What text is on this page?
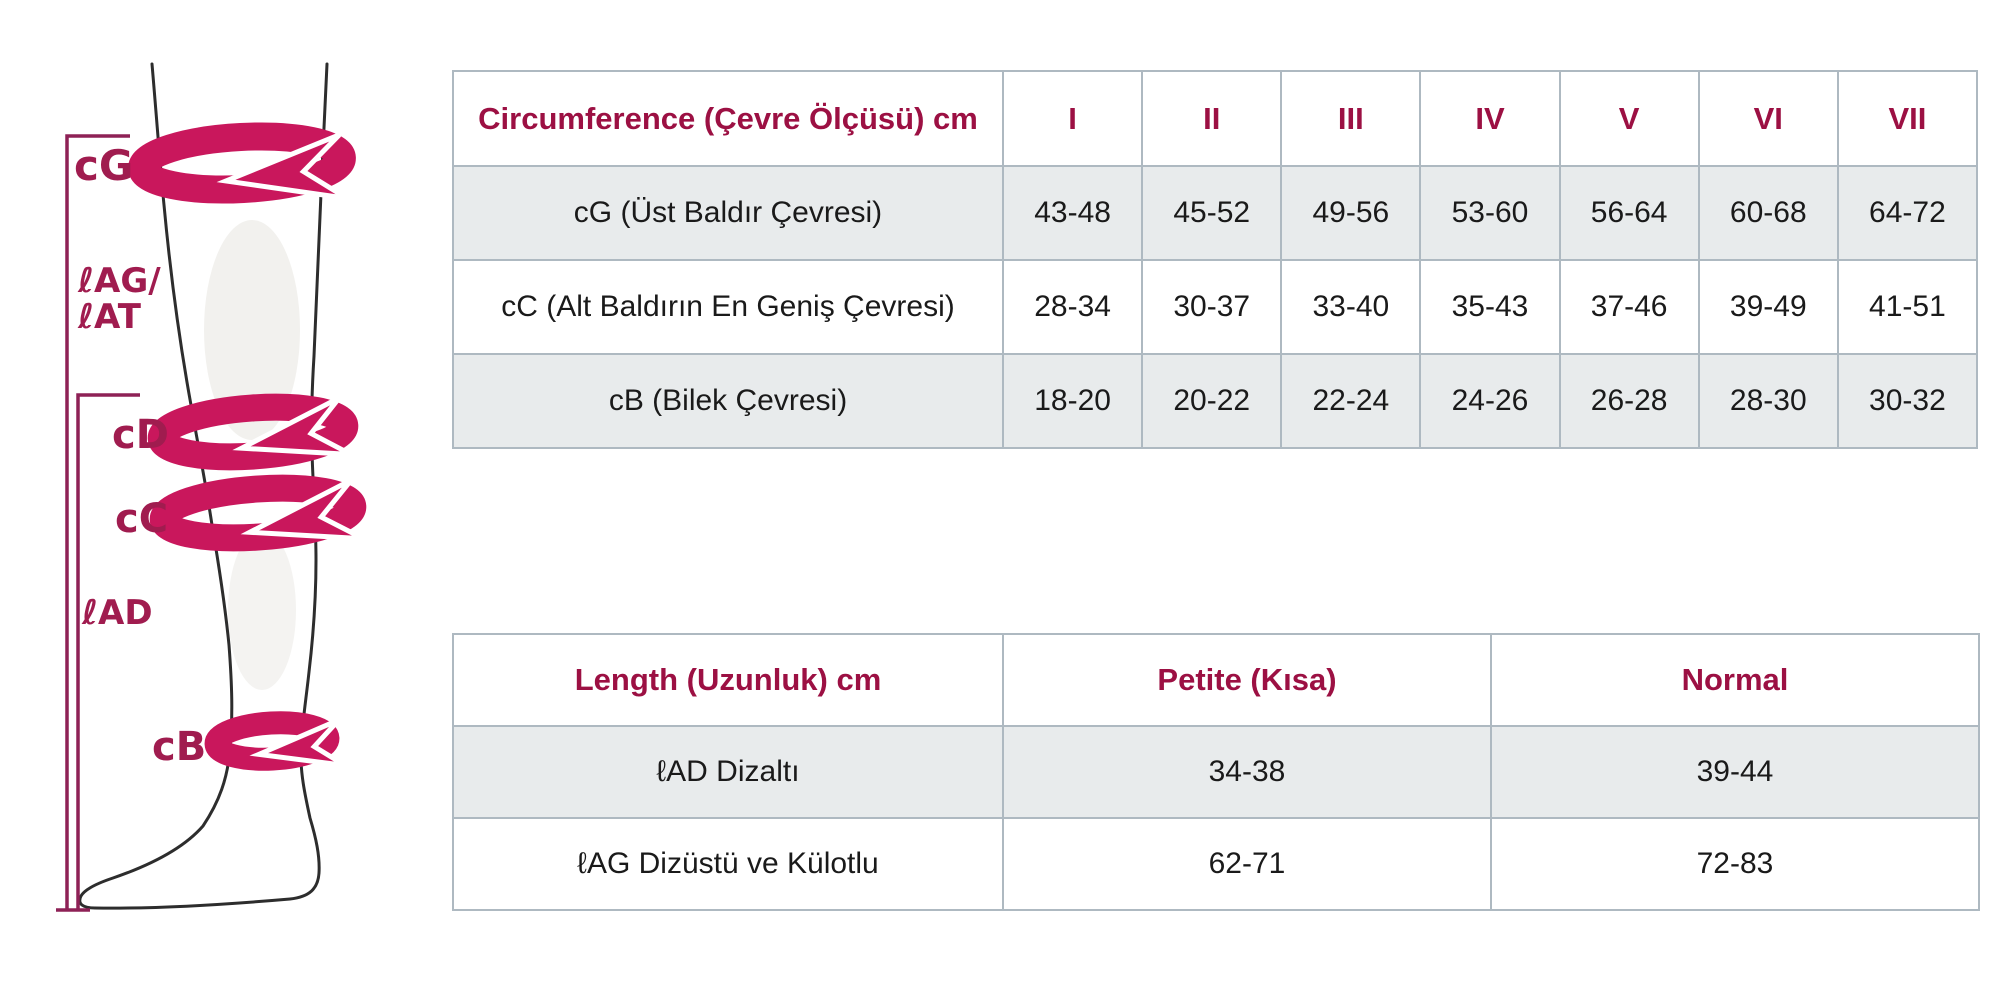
cG
ℓAG/
ℓAT
cD
cC
ℓAD
cB
Circumference (Çevre Ölçüsü) cm	I	II	III	IV	V	VI	VII
cG (Üst Baldır Çevresi)	43-48	45-52	49-56	53-60	56-64	60-68	64-72
cC (Alt Baldırın En Geniş Çevresi)	28-34	30-37	33-40	35-43	37-46	39-49	41-51
cB (Bilek Çevresi)	18-20	20-22	22-24	24-26	26-28	28-30	30-32
Length (Uzunluk) cm	Petite (Kısa)	Normal
ℓAD Dizaltı	34-38	39-44
ℓAG Dizüstü ve Külotlu	62-71	72-83
